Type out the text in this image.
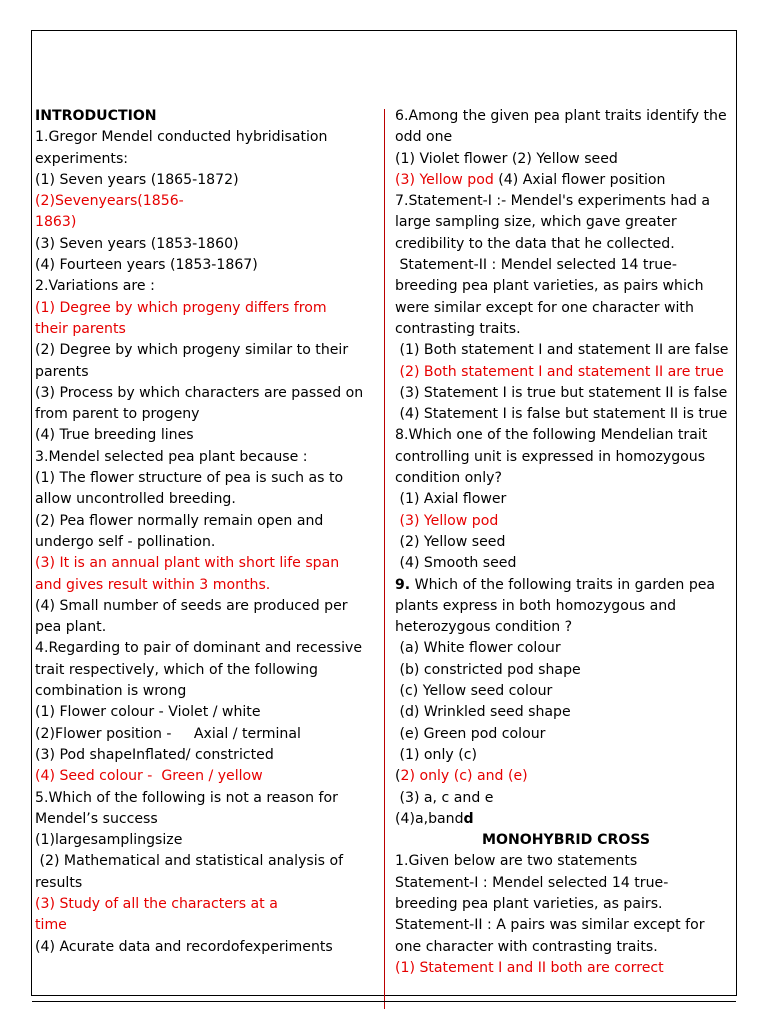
INTRODUCTION
1.Gregor Mendel conducted hybridisation
experiments:
(1) Seven years (1865-1872)
(2)Sevenyears(1856-
1863)
(3) Seven years (1853-1860)
(4) Fourteen years (1853-1867)
2.Variations are :
(1) Degree by which progeny differs from
their parents
(2) Degree by which progeny similar to their
parents
(3) Process by which characters are passed on
from parent to progeny
(4) True breeding lines
3.Mendel selected pea plant because :
(1) The flower structure of pea is such as to
allow uncontrolled breeding.
(2) Pea flower normally remain open and
undergo self - pollination.
(3) It is an annual plant with short life span
and gives result within 3 months.
(4) Small number of seeds are produced per
pea plant.
4.Regarding to pair of dominant and recessive
trait respectively, which of the following
combination is wrong
(1) Flower colour - Violet / white
(2)Flower position -     Axial / terminal
(3) Pod shapeInflated/ constricted
(4) Seed colour -  Green / yellow
5.Which of the following is not a reason for
Mendel’s success
(1)largesamplingsize
(2) Mathematical and statistical analysis of
results
(3) Study of all the characters at a
time
(4) Acurate data and recordofexperiments
6.Among the given pea plant traits identify the
odd one
(1) Violet flower (2) Yellow seed
(3) Yellow pod (4) Axial flower position
7.Statement-I :- Mendel's experiments had a
large sampling size, which gave greater
credibility to the data that he collected.
Statement-II : Mendel selected 14 true-
breeding pea plant varieties, as pairs which
were similar except for one character with
contrasting traits.
(1) Both statement I and statement II are false
(2) Both statement I and statement II are true
(3) Statement I is true but statement II is false
(4) Statement I is false but statement II is true
8.Which one of the following Mendelian trait
controlling unit is expressed in homozygous
condition only?
(1) Axial flower
(3) Yellow pod
(2) Yellow seed
(4) Smooth seed
9. Which of the following traits in garden pea
plants express in both homozygous and
heterozygous condition ?
(a) White flower colour
(b) constricted pod shape
(c) Yellow seed colour
(d) Wrinkled seed shape
(e) Green pod colour
(1) only (c)
(2) only (c) and (e)
(3) a, c and e
(4)a,bandd
MONOHYBRID CROSS
1.Given below are two statements
Statement-I : Mendel selected 14 true-
breeding pea plant varieties, as pairs.
Statement-II : A pairs was similar except for
one character with contrasting traits.
(1) Statement I and II both are correct
